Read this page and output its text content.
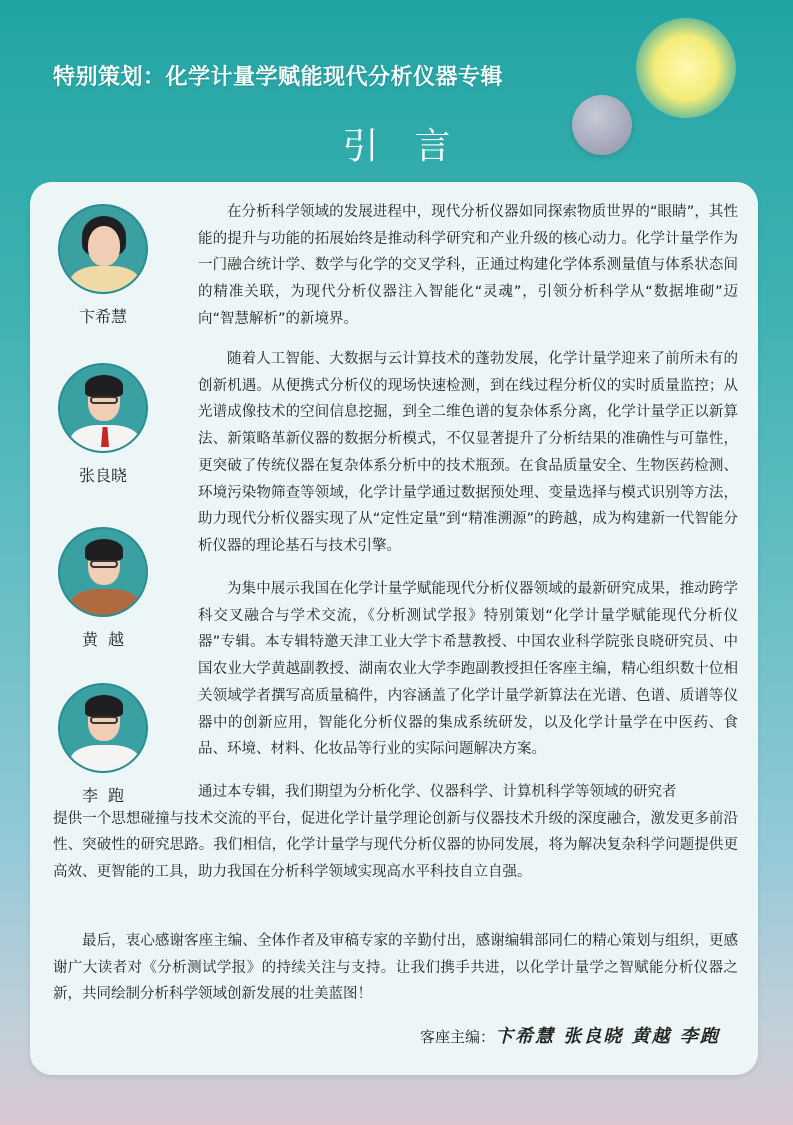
特别策划：化学计量学赋能现代分析仪器专辑
引言
卞希慧
张良晓
黄越
李跑

在分析科学领域的发展进程中，现代分析仪器如同探索物质世界的“眼睛”，其性能的提升与功能的拓展始终是推动科学研究和产业升级的核心动力。化学计量学作为一门融合统计学、数学与化学的交叉学科，正通过构建化学体系测量值与体系状态间的精准关联，为现代分析仪器注入智能化“灵魂”，引领分析科学从“数据堆砌”迈向“智慧解析”的新境界。

随着人工智能、大数据与云计算技术的蓬勃发展，化学计量学迎来了前所未有的创新机遇。从便携式分析仪的现场快速检测，到在线过程分析仪的实时质量监控；从光谱成像技术的空间信息挖掘，到全二维色谱的复杂体系分离，化学计量学正以新算法、新策略革新仪器的数据分析模式，不仅显著提升了分析结果的准确性与可靠性，更突破了传统仪器在复杂体系分析中的技术瓶颈。在食品质量安全、生物医药检测、环境污染物筛查等领域，化学计量学通过数据预处理、变量选择与模式识别等方法，助力现代分析仪器实现了从“定性定量”到“精准溯源”的跨越，成为构建新一代智能分析仪器的理论基石与技术引擎。

为集中展示我国在化学计量学赋能现代分析仪器领域的最新研究成果，推动跨学科交叉融合与学术交流，《分析测试学报》特别策划“化学计量学赋能现代分析仪器”专辑。本专辑特邀天津工业大学卞希慧教授、中国农业科学院张良晓研究员、中国农业大学黄越副教授、湖南农业大学李跑副教授担任客座主编，精心组织数十位相关领域学者撰写高质量稿件，内容涵盖了化学计量学新算法在光谱、色谱、质谱等仪器中的创新应用，智能化分析仪器的集成系统研发，以及化学计量学在中医药、食品、环境、材料、化妆品等行业的实际问题解决方案。

通过本专辑，我们期望为分析化学、仪器科学、计算机科学等领域的研究者
提供一个思想碰撞与技术交流的平台，促进化学计量学理论创新与仪器技术升级的深度融合，激发更多前沿性、突破性的研究思路。我们相信，化学计量学与现代分析仪器的协同发展，将为解决复杂科学问题提供更高效、更智能的工具，助力我国在分析科学领域实现高水平科技自立自强。

最后，衷心感谢客座主编、全体作者及审稿专家的辛勤付出，感谢编辑部同仁的精心策划与组织，更感谢广大读者对《分析测试学报》的持续关注与支持。让我们携手共进，以化学计量学之智赋能分析仪器之新，共同绘制分析科学领域创新发展的壮美蓝图！

客座主编：卞希慧 张良晓 黄越 李跑
